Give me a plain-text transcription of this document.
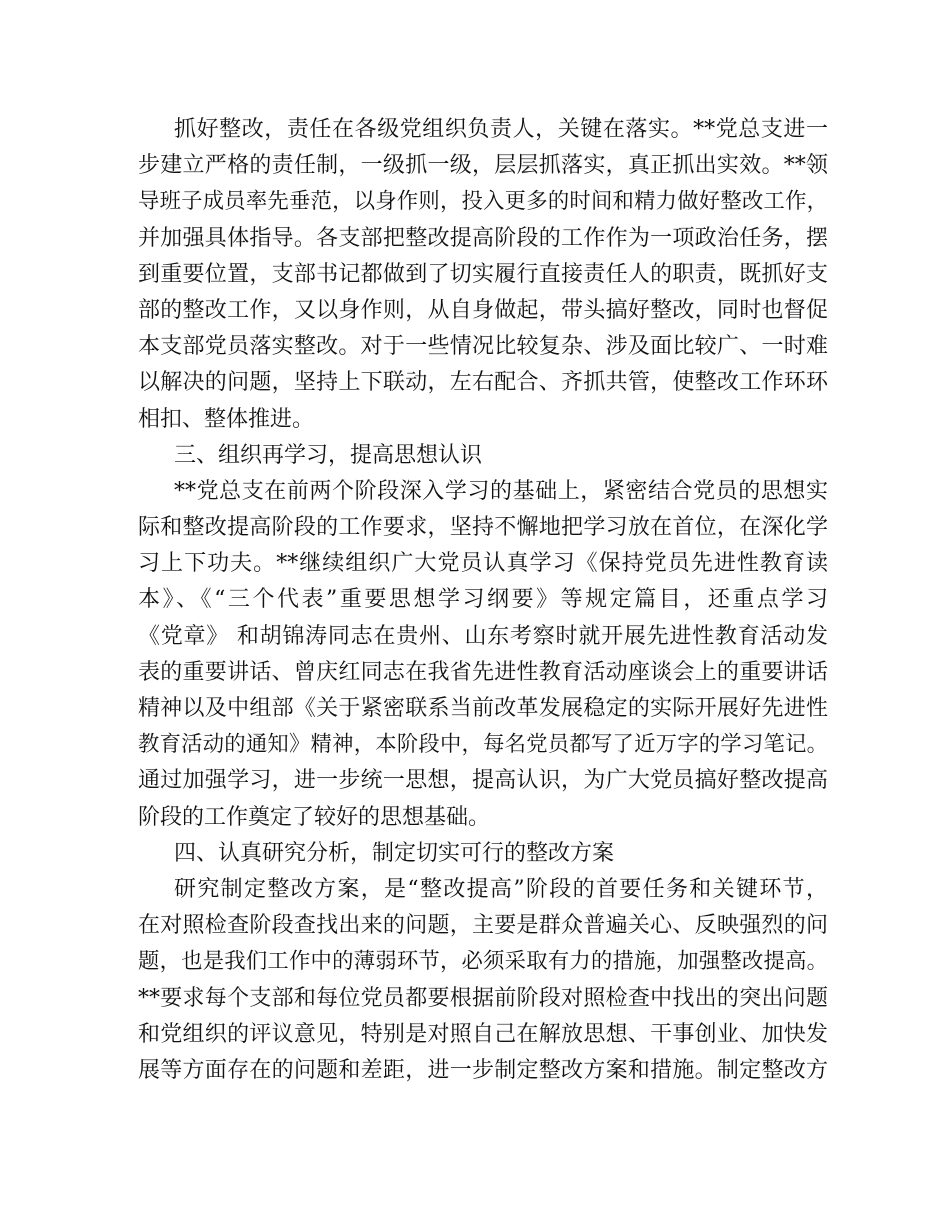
抓好整改，责任在各级党组织负责人，关键在落实。**党总支进一
步建立严格的责任制，一级抓一级，层层抓落实，真正抓出实效。**领
导班子成员率先垂范，以身作则，投入更多的时间和精力做好整改工作，
并加强具体指导。各支部把整改提高阶段的工作作为一项政治任务，摆
到重要位置，支部书记都做到了切实履行直接责任人的职责，既抓好支
部的整改工作，又以身作则，从自身做起，带头搞好整改，同时也督促
本支部党员落实整改。对于一些情况比较复杂、涉及面比较广、一时难
以解决的问题，坚持上下联动，左右配合、齐抓共管，使整改工作环环
相扣、整体推进。
三、组织再学习，提高思想认识
**党总支在前两个阶段深入学习的基础上，紧密结合党员的思想实
际和整改提高阶段的工作要求，坚持不懈地把学习放在首位，在深化学
习上下功夫。**继续组织广大党员认真学习《保持党员先进性教育读
本》、《“三个代表”重要思想学习纲要》等规定篇目，还重点学习
《党章》 和胡锦涛同志在贵州、山东考察时就开展先进性教育活动发
表的重要讲话、曾庆红同志在我省先进性教育活动座谈会上的重要讲话
精神以及中组部《关于紧密联系当前改革发展稳定的实际开展好先进性
教育活动的通知》精神，本阶段中，每名党员都写了近万字的学习笔记。
通过加强学习，进一步统一思想，提高认识，为广大党员搞好整改提高
阶段的工作奠定了较好的思想基础。
四、认真研究分析，制定切实可行的整改方案
研究制定整改方案，是“整改提高”阶段的首要任务和关键环节，
在对照检查阶段查找出来的问题，主要是群众普遍关心、反映强烈的问
题，也是我们工作中的薄弱环节，必须采取有力的措施，加强整改提高。
**要求每个支部和每位党员都要根据前阶段对照检查中找出的突出问题
和党组织的评议意见，特别是对照自己在解放思想、干事创业、加快发
展等方面存在的问题和差距，进一步制定整改方案和措施。制定整改方
